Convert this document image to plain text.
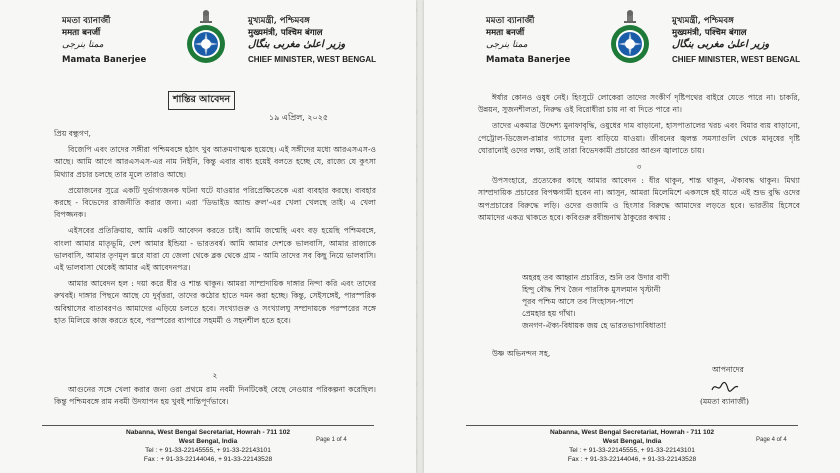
মমতা ব্যানার্জী
ममता बनर्जी
ممتا بنرجی
Mamata Banerjee
মুখ্যমন্ত্রী, পশ্চিমবঙ্গ
मुख्यमंत्री, पश्चिम बंगाल
وزیر اعلیٰ مغربی بنگال
CHIEF MINISTER, WEST BENGAL
শান্তির আবেদন
১৯ এপ্রিল, ২০২৫

প্রিয় বন্ধুগণ,

বিজেপি এবং তাদের সঙ্গীরা পশ্চিমবঙ্গে হঠাৎ খুব আক্রমণাত্মক হয়েছে। এই সঙ্গীদের মধ্যে আরএসএস-ও আছে। আমি আগে আরএসএস-এর নাম নিইনি, কিন্তু এবার বাধ্য হয়েই বলতে হচ্ছে যে, রাজ্যে যে কুৎসা মিথ্যার প্রচার চলছে তার মূলে তারাও আছে।

প্রয়োজনের সুত্রে একটি দুর্ভাগ্যজনক ঘটনা ঘটে যাওয়ার পরিপ্রেক্ষিতেকে এরা ব্যবহার করছে। ব্যবহার করছে - বিভেদের রাজনীতি করার জন্য। এরা 'ডিভাইড অ্যান্ড রুল'-এর খেলা খেলছে তাই। এ খেলা বিপজ্জনক।

এইসবের প্রতিক্রিয়ায়, আমি একটি আবেদন করতে চাই। আমি জন্মেছি এবং বড় হয়েছি পশ্চিমবঙ্গে, বাংলা আমার মাতৃভূমি, দেশ আমার ইন্ডিয়া - ভারতবর্ষ। আমি আমার দেশকে ভালবাসি, আমার রাজ্যকে ভালবাসি, আমার তৃণমূল স্তরে যারা যে জেলা থেকে ব্লক থেকে গ্রাম - আমি তাদের সব কিছু নিয়ে ভালবাসি। এই ভালবাসা থেকেই আমার এই আবেদনপত্র।

আমার আবেদন হল : দয়া করে ধীর ও শান্ত থাকুন। আমরা সাম্প্রদায়িক দাঙ্গার নিন্দা করি এবং তাদের রুখবই। দাঙ্গার পিছনে আছে যে দুর্বৃত্তরা, তাদের কঠোর হাতে দমন করা হচ্ছে। কিন্তু, সেইসঙ্গেই, পারস্পরিক অবিশ্বাসের বাতাবরণও আমাদের এড়িয়ে চলতে হবে। সংখ্যাগুরু ও সংখ্যালঘু সম্প্রদায়কে পরস্পরের সঙ্গে হাত মিলিয়ে কাজ করতে হবে, পরস্পরের ব্যাপারে সহমর্মী ও সহনশীল হতে হবে।

২

আগুনের সঙ্গে খেলা করার জন্য ওরা প্রথমে রাম নবমী দিনটিকেই বেছে নেওয়ার পরিকল্পনা করেছিল। কিন্তু পশ্চিমবঙ্গে রাম নবমী উদযাপন হয় খুবই শান্তিপূর্ণভাবে।

Nabanna, West Bengal Secretariat, Howrah - 711 102
West Bengal, India
Tel : + 91-33-22145555, + 91-33-22143101
Fax : + 91-33-22144046, + 91-33-22143528
Page 1 of 4
মমতা ব্যানার্জী
ममता बनर्जी
ممتا بنرجی
Mamata Banerjee
মুখ্যমন্ত্রী, পশ্চিমবঙ্গ
मुख्यमंत्री, पश्चिम बंगाल
وزیر اعلیٰ مغربی بنگال
CHIEF MINISTER, WEST BENGAL

ঈর্ষার কোনও ওষুধ নেই। হিংসুটে লোকেরা তাদের সংকীর্ণ দৃষ্টিপথের বাইরে যেতে পারে না। চাকরি, উন্নয়ন, সুজনশীলতা, নিরুদ্ধ ওই বিরোধীরা চায় না বা দিতে পারে না।

তাদের একমাত্র উদ্দেশ্য মুনাফাবৃদ্ধি, ওষুধের দাম বাড়ানো, হাসপাতালের খরচ এবং বিমার ব্যয় বাড়ানো, পেট্রোল-ডিজেল-রান্নার গ্যাসের মূল্য বাড়িয়ে যাওয়া। জীবনের জ্বলন্ত সমস্যাগুলি থেকে মানুষের দৃষ্টি ঘোরানোই ওদের লক্ষ্য, তাই তারা বিভেদকামী প্রচারের আগুন জ্বালাতে চায়।

৩

উপসংহারে, প্রত্যেকের কাছে আমার আবেদন : ধীর থাকুন, শান্ত থাকুন, ঐক্যবদ্ধ থাকুন। মিথ্যা সাম্প্রদায়িক প্রচারের বিপক্ষগামী হবেন না। আসুন, আমরা মিলেমিশে একসঙ্গে হই যাতে এই শুভ বুদ্ধি ওদের অপপ্রচারের বিরুদ্ধে লড়ি। ওদের গুজামি ও হিংসার বিরুদ্ধে আমাদের লড়তে হবে। ভারতীয় হিসেবে আমাদের একত্র থাকতে হবে। কবিগুরু রবীন্দ্রনাথ ঠাকুরের কথায় :

অহরহ তব আহ্বান প্রচারিত, শুনি তব উদার বাণী
হিন্দু বৌদ্ধ শিখ জৈন পারসিক মুসলমান খৃস্টানী
পূরব পশ্চিম আসে তব সিংহাসন-পাশে
প্রেমহার হয় গাঁথা।
জনগণ-ঐক্য-বিধায়ক জয় হে ভারতভাগ্যবিধাতা!
উষ্ণ অভিনন্দন সহ,
আপনাদের
(মমতা ব্যানার্জী)
Nabanna, West Bengal Secretariat, Howrah - 711 102
West Bengal, India
Tel : + 91-33-22145555, + 91-33-22143101
Fax : + 91-33-22144046, + 91-33-22143528
Page 4 of 4
